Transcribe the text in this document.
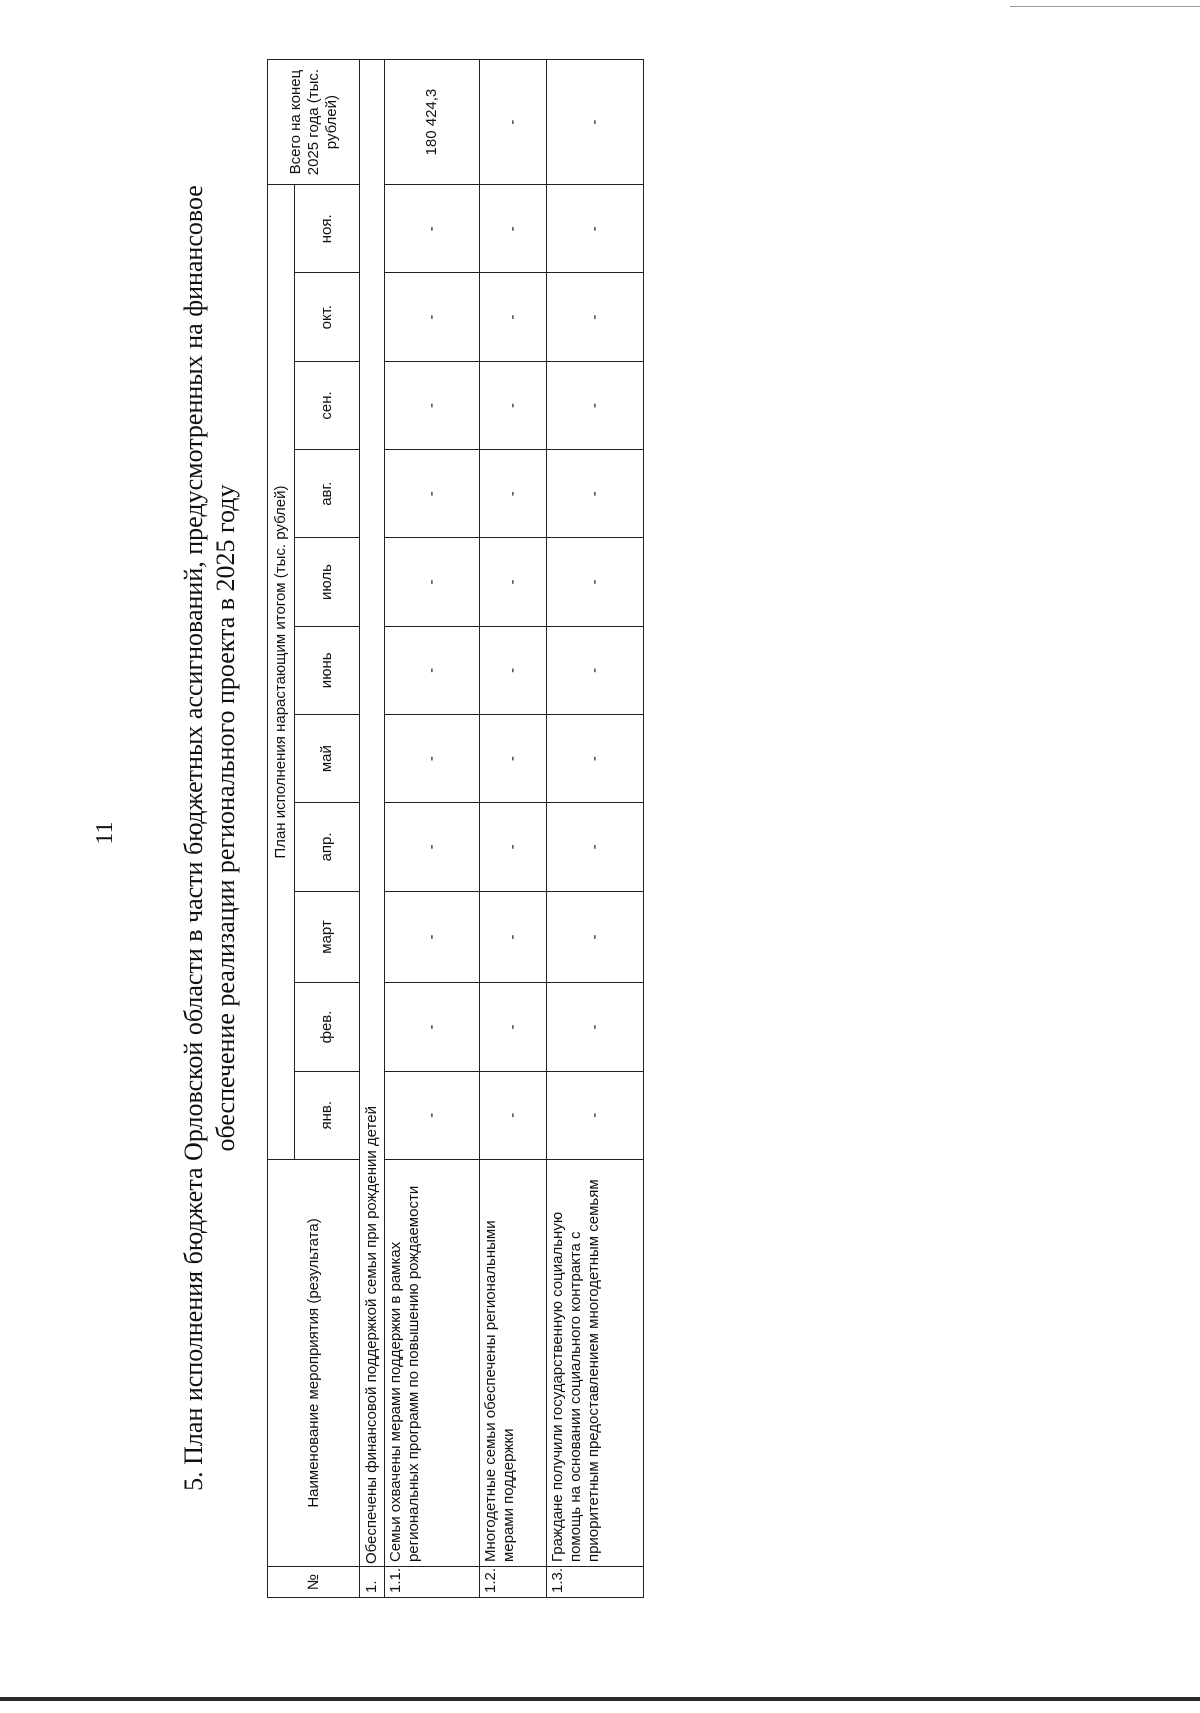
11 5. План исполнения бюджета Орловской области в части бюджетных ассигнований, предусмотренных на финансовое обеспечение реализации регионального проекта в 2025 году
№	Наименование мероприятия (результата)	План исполнения нарастающим итогом (тыс. рублей)											Всего на конец 2025 года (тыс. рублей)
		янв.	фев.	март	апр.	май	июнь	июль	авг.	сен.	окт.	ноя.	
1.	Обеспечены финансовой поддержкой семьи при рождении детей												
1.1.	Семьи охвачены мерами поддержки в рамках региональных программ по повышению рождаемости	-	-	-	-	-	-	-	-	-	-	-	180 424,3
1.2.	Многодетные семьи обеспечены региональными мерами поддержки	-	-	-	-	-	-	-	-	-	-	-	-
1.3.	Граждане получили государственную социальную помощь на основании социального контракта с приоритетным предоставлением многодетным семьям	-	-	-	-	-	-	-	-	-	-	-	-
